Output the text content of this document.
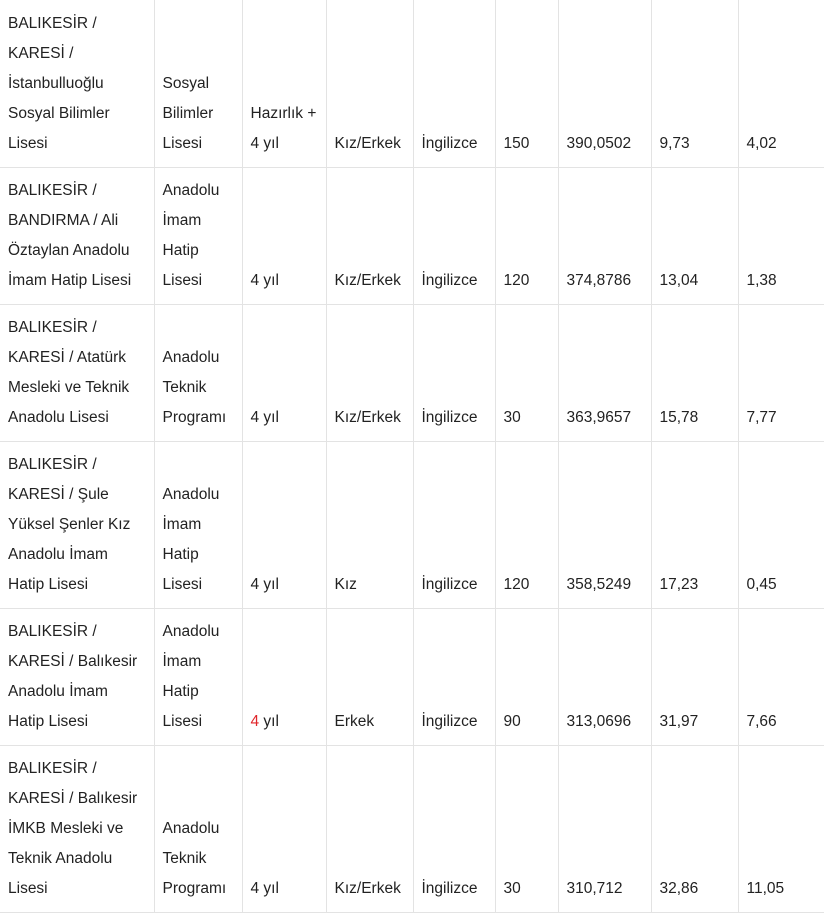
BALIKESİR / KARESİ / İstanbulluoğlu Sosyal Bilimler Lisesi	Sosyal Bilimler Lisesi	Hazırlık + 4 yıl	Kız/Erkek	İngilizce	150	390,0502	9,73	4,02
BALIKESİR / BANDIRMA / Ali Öztaylan Anadolu İmam Hatip Lisesi	Anadolu İmam Hatip Lisesi	4 yıl	Kız/Erkek	İngilizce	120	374,8786	13,04	1,38
BALIKESİR / KARESİ / Atatürk Mesleki ve Teknik Anadolu Lisesi	Anadolu Teknik Programı	4 yıl	Kız/Erkek	İngilizce	30	363,9657	15,78	7,77
BALIKESİR / KARESİ / Şule Yüksel Şenler Kız Anadolu İmam Hatip Lisesi	Anadolu İmam Hatip Lisesi	4 yıl	Kız	İngilizce	120	358,5249	17,23	0,45
BALIKESİR / KARESİ / Balıkesir Anadolu İmam Hatip Lisesi	Anadolu İmam Hatip Lisesi	4 yıl	Erkek	İngilizce	90	313,0696	31,97	7,66
BALIKESİR / KARESİ / Balıkesir İMKB Mesleki ve Teknik Anadolu Lisesi	Anadolu Teknik Programı	4 yıl	Kız/Erkek	İngilizce	30	310,712	32,86	11,05
